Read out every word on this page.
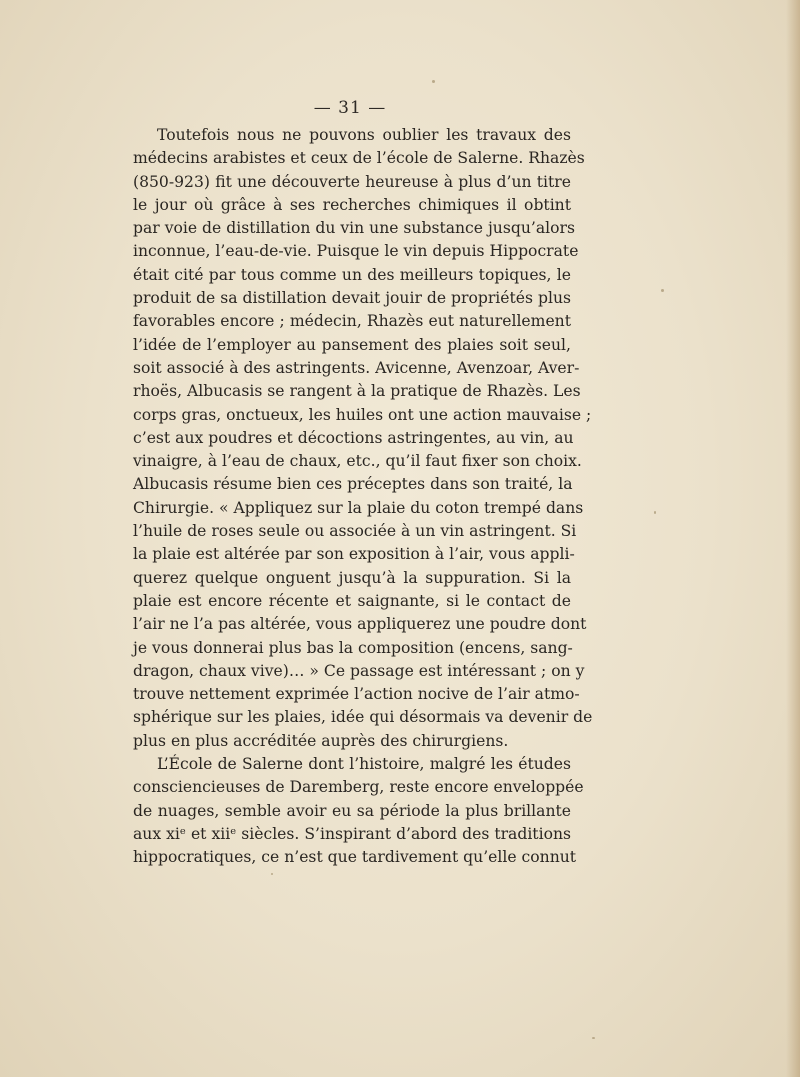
— 31 —
Toutefois nous ne pouvons oublier les travaux des
médecins arabistes et ceux de l’école de Salerne. Rhazès
(850-923) fit une découverte heureuse à plus d’un titre
le jour où grâce à ses recherches chimiques il obtint
par voie de distillation du vin une substance jusqu’alors
inconnue, l’eau-de-vie. Puisque le vin depuis Hippocrate
était cité par tous comme un des meilleurs topiques, le
produit de sa distillation devait jouir de propriétés plus
favorables encore ; médecin, Rhazès eut naturellement
l’idée de l’employer au pansement des plaies soit seul,
soit associé à des astringents. Avicenne, Avenzoar, Aver-
rhoës, Albucasis se rangent à la pratique de Rhazès. Les
corps gras, onctueux, les huiles ont une action mauvaise ;
c’est aux poudres et décoctions astringentes, au vin, au
vinaigre, à l’eau de chaux, etc., qu’il faut fixer son choix.
Albucasis résume bien ces préceptes dans son traité, la
Chirurgie. « Appliquez sur la plaie du coton trempé dans
l’huile de roses seule ou associée à un vin astringent. Si
la plaie est altérée par son exposition à l’air, vous appli-
querez quelque onguent jusqu’à la suppuration. Si la
plaie est encore récente et saignante, si le contact de
l’air ne l’a pas altérée, vous appliquerez une poudre dont
je vous donnerai plus bas la composition (encens, sang-
dragon, chaux vive)… » Ce passage est intéressant ; on y
trouve nettement exprimée l’action nocive de l’air atmo-
sphérique sur les plaies, idée qui désormais va devenir de
plus en plus accréditée auprès des chirurgiens.
L’École de Salerne dont l’histoire, malgré les études
consciencieuses de Daremberg, reste encore enveloppée
de nuages, semble avoir eu sa période la plus brillante
aux xiᵉ et xiiᵉ siècles. S’inspirant d’abord des traditions
hippocratiques, ce n’est que tardivement qu’elle connut
